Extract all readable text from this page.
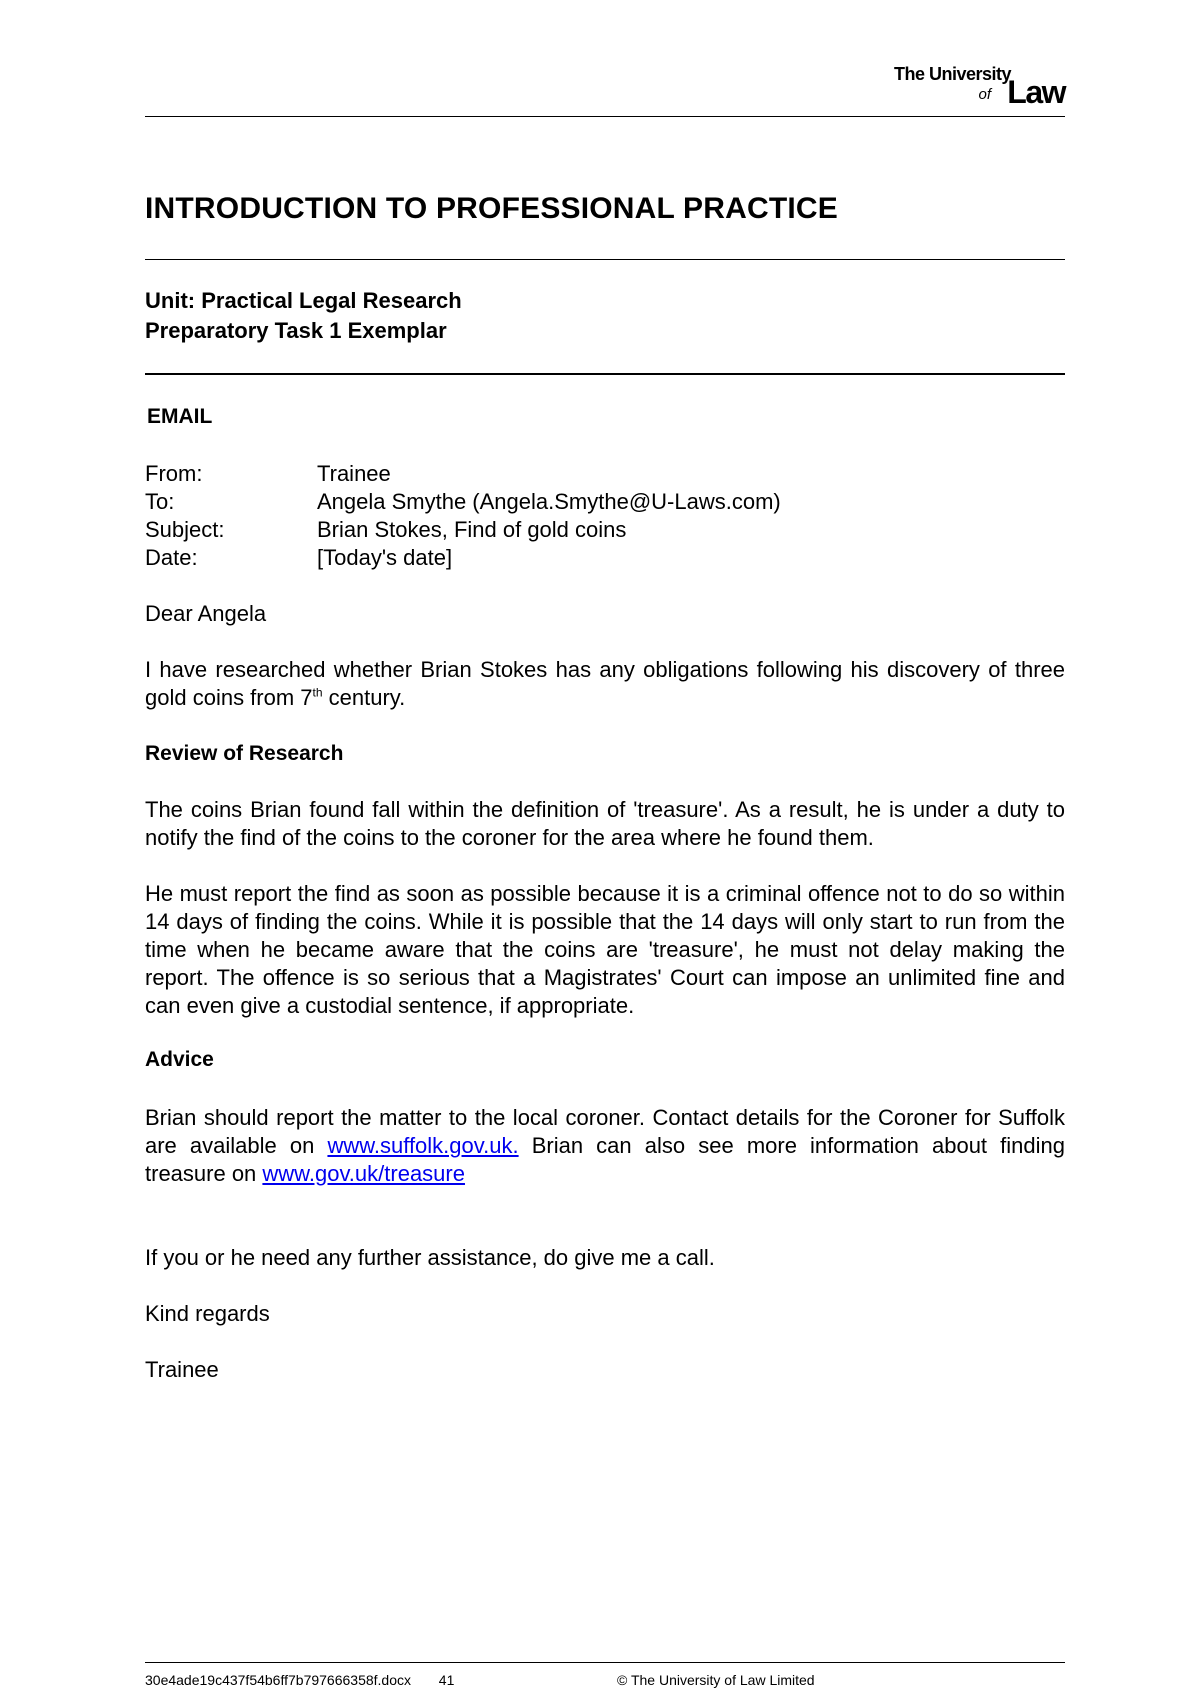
The University
of Law
INTRODUCTION TO PROFESSIONAL PRACTICE
Unit: Practical Legal Research
Preparatory Task 1 Exemplar
EMAIL
From:	Trainee
To:	Angela Smythe (Angela.Smythe@U-Laws.com)
Subject:	Brian Stokes, Find of gold coins
Date:	[Today's date]
Dear Angela
I have researched whether Brian Stokes has any obligations following his discovery of three gold coins from 7th century.
Review of Research
The coins Brian found fall within the definition of 'treasure'. As a result, he is under a duty to notify the find of the coins to the coroner for the area where he found them.
He must report the find as soon as possible because it is a criminal offence not to do so within 14 days of finding the coins. While it is possible that the 14 days will only start to run from the time when he became aware that the coins are 'treasure', he must not delay making the report. The offence is so serious that a Magistrates' Court can impose an unlimited fine and can even give a custodial sentence, if appropriate.
Advice
Brian should report the matter to the local coroner. Contact details for the Coroner for Suffolk are available on www.suffolk.gov.uk. Brian can also see more information about finding treasure on www.gov.uk/treasure
If you or he need any further assistance, do give me a call.
Kind regards
Trainee
30e4ade19c437f54b6ff7b797666358f.docx 41	© The University of Law Limited
